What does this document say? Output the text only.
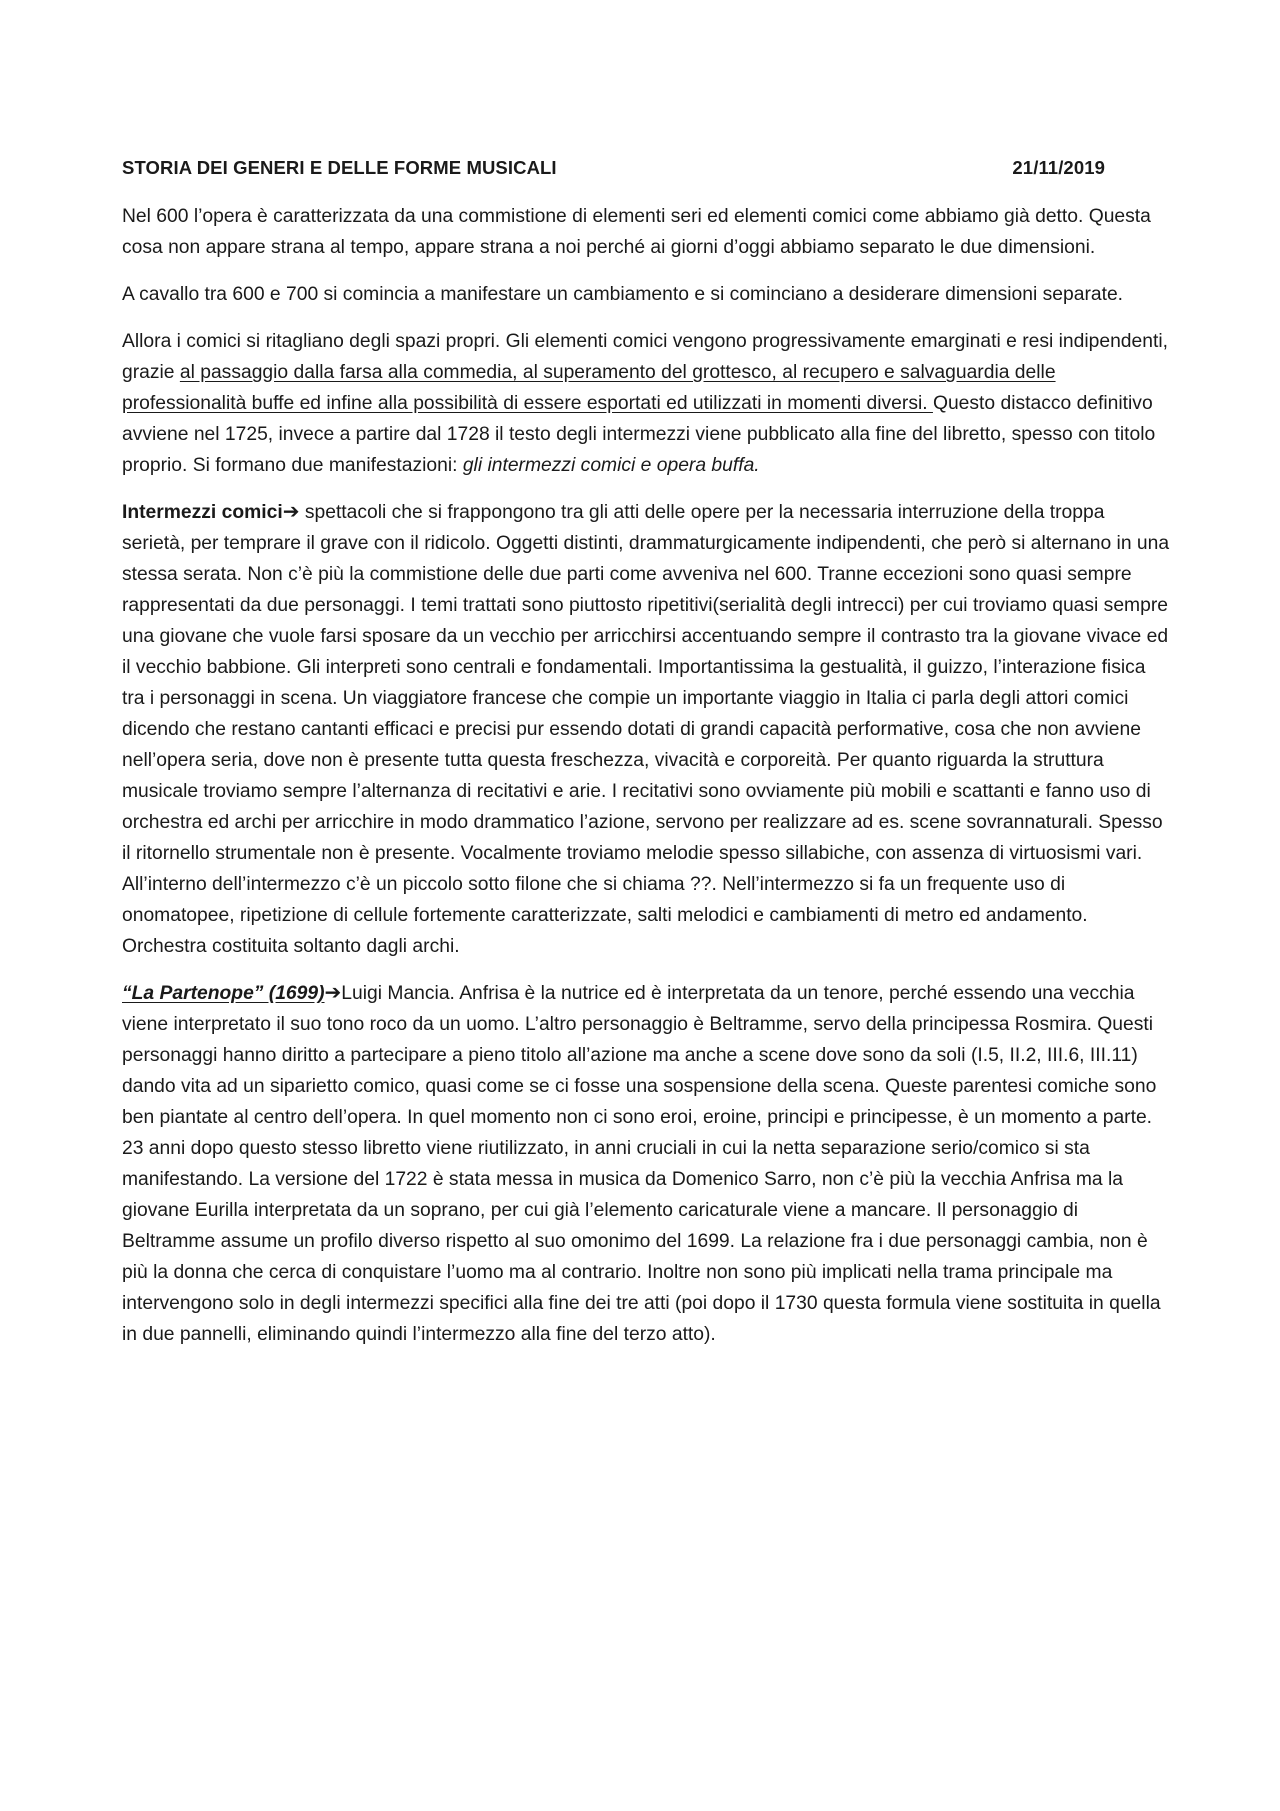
STORIA DEI GENERI E DELLE FORME MUSICALI	21/11/2019

Nel 600 l’opera è caratterizzata da una commistione di elementi seri ed elementi comici come abbiamo già detto. Questa cosa non appare strana al tempo, appare strana a noi perché ai giorni d’oggi abbiamo separato le due dimensioni.

A cavallo tra 600 e 700 si comincia a manifestare un cambiamento e si cominciano a desiderare dimensioni separate.

Allora i comici si ritagliano degli spazi propri. Gli elementi comici vengono progressivamente emarginati e resi indipendenti, grazie al passaggio dalla farsa alla commedia, al superamento del grottesco, al recupero e salvaguardia delle professionalità buffe ed infine alla possibilità di essere esportati ed utilizzati in momenti diversi. Questo distacco definitivo avviene nel 1725, invece a partire dal 1728 il testo degli intermezzi viene pubblicato alla fine del libretto, spesso con titolo proprio. Si formano due manifestazioni: gli intermezzi comici e opera buffa.

Intermezzi comici➔ spettacoli che si frappongono tra gli atti delle opere per la necessaria interruzione della troppa serietà, per temprare il grave con il ridicolo. Oggetti distinti, drammaturgicamente indipendenti, che però si alternano in una stessa serata. Non c’è più la commistione delle due parti come avveniva nel 600. Tranne eccezioni sono quasi sempre rappresentati da due personaggi. I temi trattati sono piuttosto ripetitivi(serialità degli intrecci) per cui troviamo quasi sempre una giovane che vuole farsi sposare da un vecchio per arricchirsi accentuando sempre il contrasto tra la giovane vivace ed il vecchio babbione. Gli interpreti sono centrali e fondamentali. Importantissima la gestualità, il guizzo, l’interazione fisica tra i personaggi in scena. Un viaggiatore francese che compie un importante viaggio in Italia ci parla degli attori comici dicendo che restano cantanti efficaci e precisi pur essendo dotati di grandi capacità performative, cosa che non avviene nell’opera seria, dove non è presente tutta questa freschezza, vivacità e corporeità. Per quanto riguarda la struttura musicale troviamo sempre l’alternanza di recitativi e arie. I recitativi sono ovviamente più mobili e scattanti e fanno uso di orchestra ed archi per arricchire in modo drammatico l’azione, servono per realizzare ad es. scene sovrannaturali. Spesso il ritornello strumentale non è presente. Vocalmente troviamo melodie spesso sillabiche, con assenza di virtuosismi vari. All’interno dell’intermezzo c’è un piccolo sotto filone che si chiama ??. Nell’intermezzo si fa un frequente uso di onomatopee, ripetizione di cellule fortemente caratterizzate, salti melodici e cambiamenti di metro ed andamento. Orchestra costituita soltanto dagli archi.

“La Partenope” (1699)➔Luigi Mancia. Anfrisa è la nutrice ed è interpretata da un tenore, perché essendo una vecchia viene interpretato il suo tono roco da un uomo. L’altro personaggio è Beltramme, servo della principessa Rosmira. Questi personaggi hanno diritto a partecipare a pieno titolo all’azione ma anche a scene dove sono da soli (I.5, II.2, III.6, III.11) dando vita ad un siparietto comico, quasi come se ci fosse una sospensione della scena. Queste parentesi comiche sono ben piantate al centro dell’opera. In quel momento non ci sono eroi, eroine, principi e principesse, è un momento a parte. 23 anni dopo questo stesso libretto viene riutilizzato, in anni cruciali in cui la netta separazione serio/comico si sta manifestando. La versione del 1722 è stata messa in musica da Domenico Sarro, non c’è più la vecchia Anfrisa ma la giovane Eurilla interpretata da un soprano, per cui già l’elemento caricaturale viene a mancare. Il personaggio di Beltramme assume un profilo diverso rispetto al suo omonimo del 1699. La relazione fra i due personaggi cambia, non è più la donna che cerca di conquistare l’uomo ma al contrario. Inoltre non sono più implicati nella trama principale ma intervengono solo in degli intermezzi specifici alla fine dei tre atti (poi dopo il 1730 questa formula viene sostituita in quella in due pannelli, eliminando quindi l’intermezzo alla fine del terzo atto).
